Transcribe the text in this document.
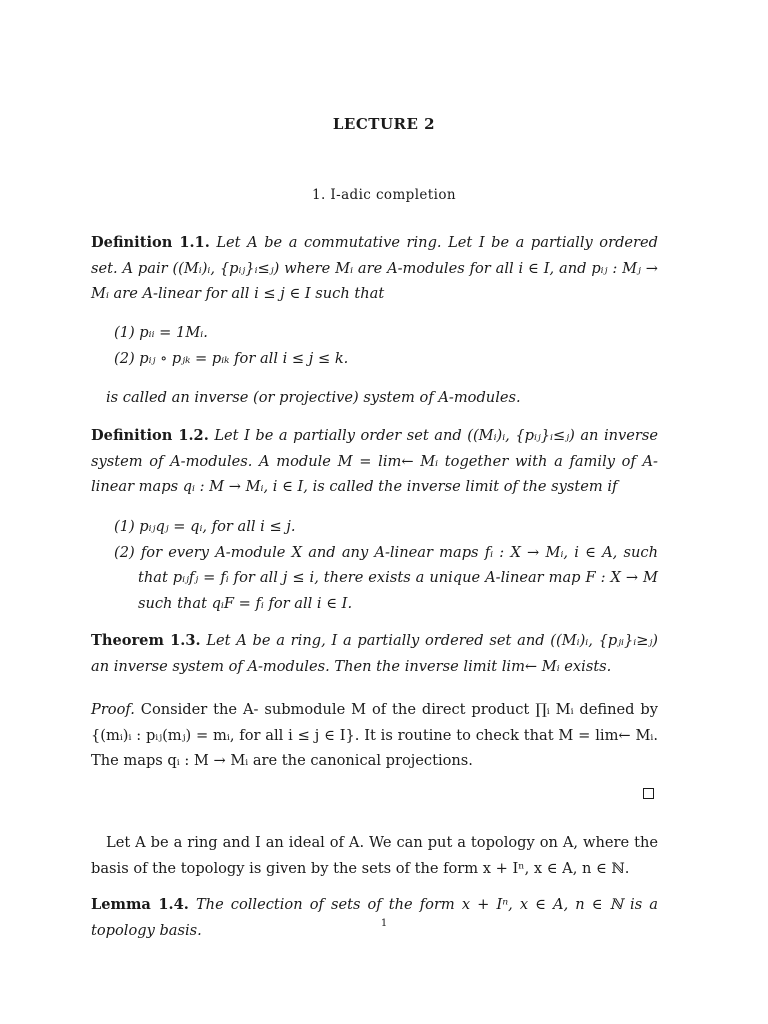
LECTURE 2
1. I-adic completion
Definition 1.1. Let A be a commutative ring. Let I be a partially ordered set. A pair ((Mᵢ)ᵢ, {pᵢⱼ}ᵢ≤ⱼ) where Mᵢ are A-modules for all i ∈ I, and pᵢⱼ : Mⱼ → Mᵢ are A-linear for all i ≤ j ∈ I such that
(1) pᵢᵢ = 1Mᵢ.
(2) pᵢⱼ ∘ pⱼₖ = pᵢₖ for all i ≤ j ≤ k.
is called an inverse (or projective) system of A-modules.
Definition 1.2. Let I be a partially order set and ((Mᵢ)ᵢ, {pᵢⱼ}ᵢ≤ⱼ) an inverse system of A-modules. A module M = lim← Mᵢ together with a family of A-linear maps qᵢ : M → Mᵢ, i ∈ I, is called the inverse limit of the system if
(1) pᵢⱼqⱼ = qᵢ, for all i ≤ j.
(2) for every A-module X and any A-linear maps fᵢ : X → Mᵢ, i ∈ A, such that pᵢⱼfⱼ = fᵢ for all j ≤ i, there exists a unique A-linear map F : X → M such that qᵢF = fᵢ for all i ∈ I.
Theorem 1.3. Let A be a ring, I a partially ordered set and ((Mᵢ)ᵢ, {pⱼᵢ}ᵢ≥ⱼ) an inverse system of A-modules. Then the inverse limit lim← Mᵢ exists.
Proof. Consider the A- submodule M of the direct product ∏ᵢ Mᵢ defined by {(mᵢ)ᵢ : pᵢⱼ(mⱼ) = mᵢ, for all i ≤ j ∈ I}. It is routine to check that M = lim← Mᵢ. The maps qᵢ : M → Mᵢ are the canonical projections.
Let A be a ring and I an ideal of A. We can put a topology on A, where the basis of the topology is given by the sets of the form x + Iⁿ, x ∈ A, n ∈ ℕ.
Lemma 1.4. The collection of sets of the form x + Iⁿ, x ∈ A, n ∈ ℕ is a topology basis.	1
